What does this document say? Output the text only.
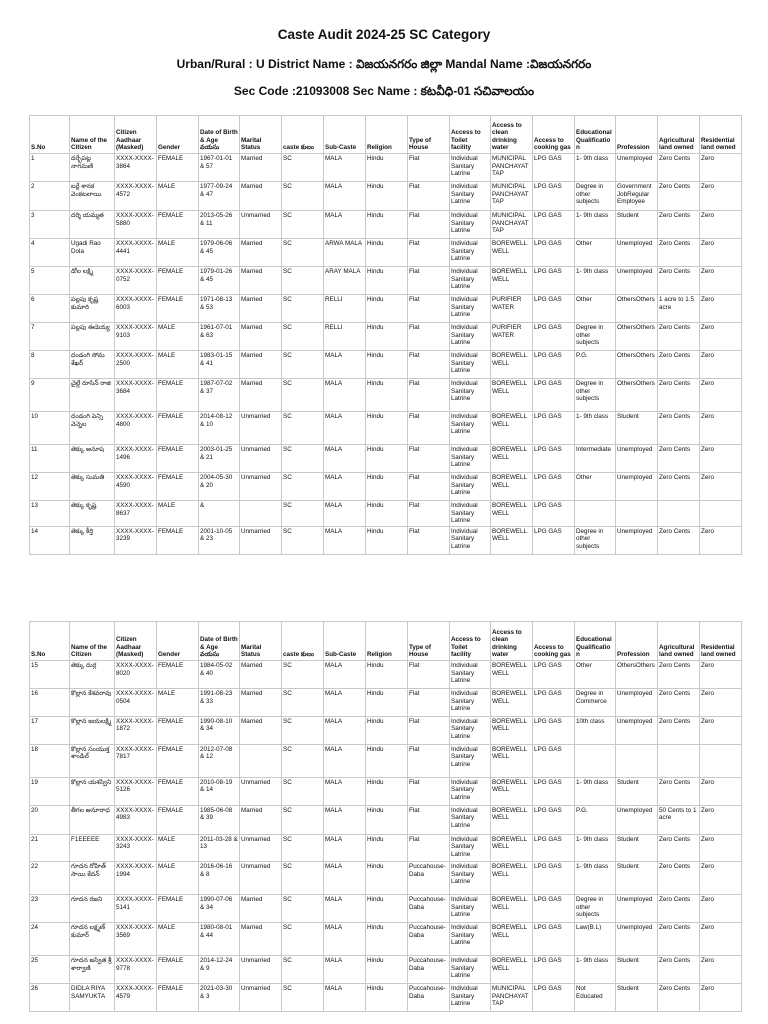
Caste Audit 2024-25 SC Category
Urban/Rural : U District Name : విజయనగరం జిల్లా Mandal Name :విజయనగరం
Sec Code :21093008 Sec Name : కటవీధి-01 సచివాలయం
S.No	Name of the Citizen	Citizen Aadhaar (Masked)	Gender	Date of Birth & Age వయసు	Marital Status	caste కులం	Sub-Caste	Religion	Type of House	Access to Toilet facility	Access to clean drinking water	Access to cooking gas	Educational Qualification	Profession	Agricultural land owned	Residential land owned
1	దర్భేపట్ల నాగమణి	XXXX-XXXX-3864	FEMALE	1967-01-01 & 57	Married	SC	MALA	Hindu	Flat	Individual Sanitary Latrine	MUNICIPAL PANCHAYAT TAP	LPG GAS	1- 9th class	Unemployed	Zero Cents	Zero
2	బర్లే శానక వెంకటలాయి	XXXX-XXXX-4572	MALE	1977-09-24 & 47	Married	SC	MALA	Hindu	Flat	Individual Sanitary Latrine	MUNICIPAL PANCHAYAT TAP	LPG GAS	Degree in other subjects	Government JobRegular Employee	Zero Cents	Zero
3	దర్శి యమ్మత	XXXX-XXXX-5880	FEMALE	2013-05-26 & 11	Unmarried	SC	MALA	Hindu	Flat	Individual Sanitary Latrine	MUNICIPAL PANCHAYAT TAP	LPG GAS	1- 9th class	Student	Zero Cents	Zero
4	Ugadi Rao Dola	XXXX-XXXX-4441	MALE	1979-06-06 & 45	Married	SC	ARWA MALA	Hindu	Flat	Individual Sanitary Latrine	BOREWELL WELL	LPG GAS	Other	Unemployed	Zero Cents	Zero
5	డోల లక్ష్మి	XXXX-XXXX-0752	FEMALE	1979-01-26 & 45	Married	SC	ARAY MALA	Hindu	Flat	Individual Sanitary Latrine	BOREWELL WELL	LPG GAS	1- 9th class	Unemployed	Zero Cents	Zero
6	పల్లపు కృష్ణ కుమారి	XXXX-XXXX-6003	FEMALE	1971-08-13 & 53	Married	SC	RELLI	Hindu	Flat	Individual Sanitary Latrine	PURIFIER WATER	LPG GAS	Other	OthersOthers	1 acre to 1.5 acre	Zero
7	పల్లపు ఈడెయ్య	XXXX-XXXX-9103	MALE	1961-07-01 & 63	Married	SC	RELLI	Hindu	Flat	Individual Sanitary Latrine	PURIFIER WATER	LPG GAS	Degree in other subjects	OthersOthers	Zero Cents	Zero
8	దండంగి సోమ శేఖర్	XXXX-XXXX-2500	MALE	1983-01-15 & 41	Married	SC	MALA	Hindu	Flat	Individual Sanitary Latrine	BOREWELL WELL	LPG GAS	P.G.	OthersOthers	Zero Cents	Zero
9	చైల్డే రూసిన్ రాజి	XXXX-XXXX-3684	FEMALE	1987-07-02 & 37	Married	SC	MALA	Hindu	Flat	Individual Sanitary Latrine	BOREWELL WELL	LPG GAS	Degree in other subjects	OthersOthers	Zero Cents	Zero
10	దండంగి పెన్సి వెన్నెల	XXXX-XXXX-4800	FEMALE	2014-08-12 & 10	Unmarried	SC	MALA	Hindu	Flat	Individual Sanitary Latrine	BOREWELL WELL	LPG GAS	1- 9th class	Student	Zero Cents	Zero
11	తెక్కు అనూష	XXXX-XXXX-1496	FEMALE	2003-01-25 & 21	Unmarried	SC	MALA	Hindu	Flat	Individual Sanitary Latrine	BOREWELL WELL	LPG GAS	Intermediate	Unemployed	Zero Cents	Zero
12	తెక్కు సుమతి	XXXX-XXXX-4590	FEMALE	2004-05-30 & 20	Unmarried	SC	MALA	Hindu	Flat	Individual Sanitary Latrine	BOREWELL WELL	LPG GAS	Other	Unemployed	Zero Cents	Zero
13	తెక్కు కృష్ణ	XXXX-XXXX-8637	MALE	&		SC	MALA	Hindu	Flat	Individual Sanitary Latrine	BOREWELL WELL	LPG GAS				
14	తెక్కు కీర్తి	XXXX-XXXX-3239	FEMALE	2001-10-05 & 23	Unmarried	SC	MALA	Hindu	Flat	Individual Sanitary Latrine	BOREWELL WELL	LPG GAS	Degree in other subjects	Unemployed	Zero Cents	Zero
S.No	Name of the Citizen	Citizen Aadhaar (Masked)	Gender	Date of Birth & Age వయసు	Marital Status	caste కులం	Sub-Caste	Religion	Type of House	Access to Toilet facility	Access to clean drinking water	Access to cooking gas	Educational Qualification	Profession	Agricultural land owned	Residential land owned
15	తెక్కు దుర్గ	XXXX-XXXX-8020	FEMALE	1984-05-02 & 40	Married	SC	MALA	Hindu	Flat	Individual Sanitary Latrine	BOREWELL WELL	LPG GAS	Other	OthersOthers	Zero Cents	Zero
16	కొల్లాన కేశవరావు	XXXX-XXXX-0504	MALE	1991-08-23 & 33	Married	SC	MALA	Hindu	Flat	Individual Sanitary Latrine	BOREWELL WELL	LPG GAS	Degree in Commerce	Unemployed	Zero Cents	Zero
17	కొల్లాన జయలక్ష్మి	XXXX-XXXX-1872	FEMALE	1990-08-10 & 34	Married	SC	MALA	Hindu	Flat	Individual Sanitary Latrine	BOREWELL WELL	LPG GAS	10th class	Unemployed	Zero Cents	Zero
18	కొల్లాన సంయుక్త శాండిల్	XXXX-XXXX-7817	FEMALE	2012-07-08 & 12		SC	MALA	Hindu	Flat	Individual Sanitary Latrine	BOREWELL WELL	LPG GAS				
19	కొల్లాన యశస్విని	XXXX-XXXX-5126	FEMALE	2010-08-19 & 14	Unmarried	SC	MALA	Hindu	Flat	Individual Sanitary Latrine	BOREWELL WELL	LPG GAS	1- 9th class	Student	Zero Cents	Zero
20	తీగల అనూరాధ	XXXX-XXXX-4983	FEMALE	1985-06-08 & 39	Married	SC	MALA	Hindu	Flat	Individual Sanitary Latrine	BOREWELL WELL	LPG GAS	P.G.	Unemployed	50 Cents to 1 acre	Zero
21	F1EEEEE	XXXX-XXXX-3243	MALE	2011-03-28 & 13	Unmarried	SC	MALA	Hindu	Flat	Individual Sanitary Latrine	BOREWELL WELL	LPG GAS	1- 9th class	Student	Zero Cents	Zero
22	గూదన రోహిత్ సాయి కేదన్	XXXX-XXXX-1994	MALE	2016-06-16 & 8	Unmarried	SC	MALA	Hindu	Puccahouse-Daba	Individual Sanitary Latrine	BOREWELL WELL	LPG GAS	1- 9th class	Student	Zero Cents	Zero
23	గూదన రజని	XXXX-XXXX-5141	FEMALE	1990-07-06 & 34	Married	SC	MALA	Hindu	Puccahouse-Daba	Individual Sanitary Latrine	BOREWELL WELL	LPG GAS	Degree in other subjects	Unemployed	Zero Cents	Zero
24	గూదన లక్ష్మణ్ కుమార్	XXXX-XXXX-3569	MALE	1980-08-01 & 44	Married	SC	MALA	Hindu	Puccahouse-Daba	Individual Sanitary Latrine	BOREWELL WELL	LPG GAS	Law(B.L)	Unemployed	Zero Cents	Zero
25	గూదన జస్విత శ్రీ శార్వాణి	XXXX-XXXX-9778	FEMALE	2014-12-24 & 9	Unmarried	SC	MALA	Hindu	Puccahouse-Daba	Individual Sanitary Latrine	BOREWELL WELL	LPG GAS	1- 9th class	Student	Zero Cents	Zero
26	DIDLA RIYA SAMYUKTA	XXXX-XXXX-4579	FEMALE	2021-03-30 & 3	Unmarried	SC	MALA	Hindu	Puccahouse-Daba	Individual Sanitary Latrine	MUNICIPAL PANCHAYAT TAP	LPG GAS	Not Educated	Student	Zero Cents	Zero
